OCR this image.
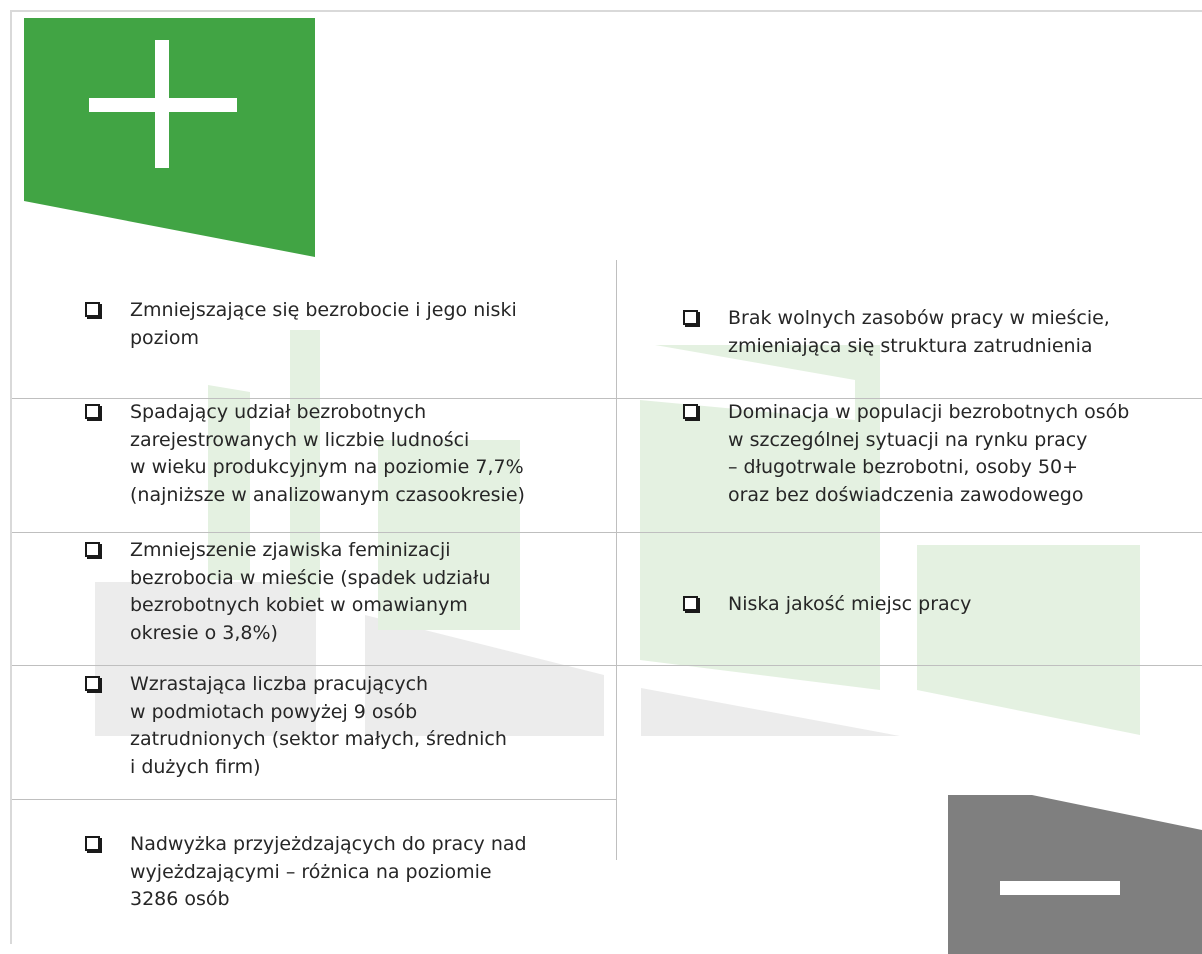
Zmniejszające się bezrobocie i jego niski
poziom
Spadający udział bezrobotnych
zarejestrowanych w liczbie ludności
w wieku produkcyjnym na poziomie 7,7%
(najniższe w analizowanym czasookresie)
Zmniejszenie zjawiska feminizacji
bezrobocia w mieście (spadek udziału
bezrobotnych kobiet w omawianym
okresie o 3,8%)
Wzrastająca liczba pracujących
w podmiotach powyżej 9 osób
zatrudnionych (sektor małych, średnich
i dużych firm)
Nadwyżka przyjeżdzających do pracy nad
wyjeżdzającymi – różnica na poziomie
3286 osób
Brak wolnych zasobów pracy w mieście,
zmieniająca się struktura zatrudnienia
Dominacja w populacji bezrobotnych osób
w szczególnej sytuacji na rynku pracy
– długotrwale bezrobotni, osoby 50+
oraz bez doświadczenia zawodowego
Niska jakość miejsc pracy
